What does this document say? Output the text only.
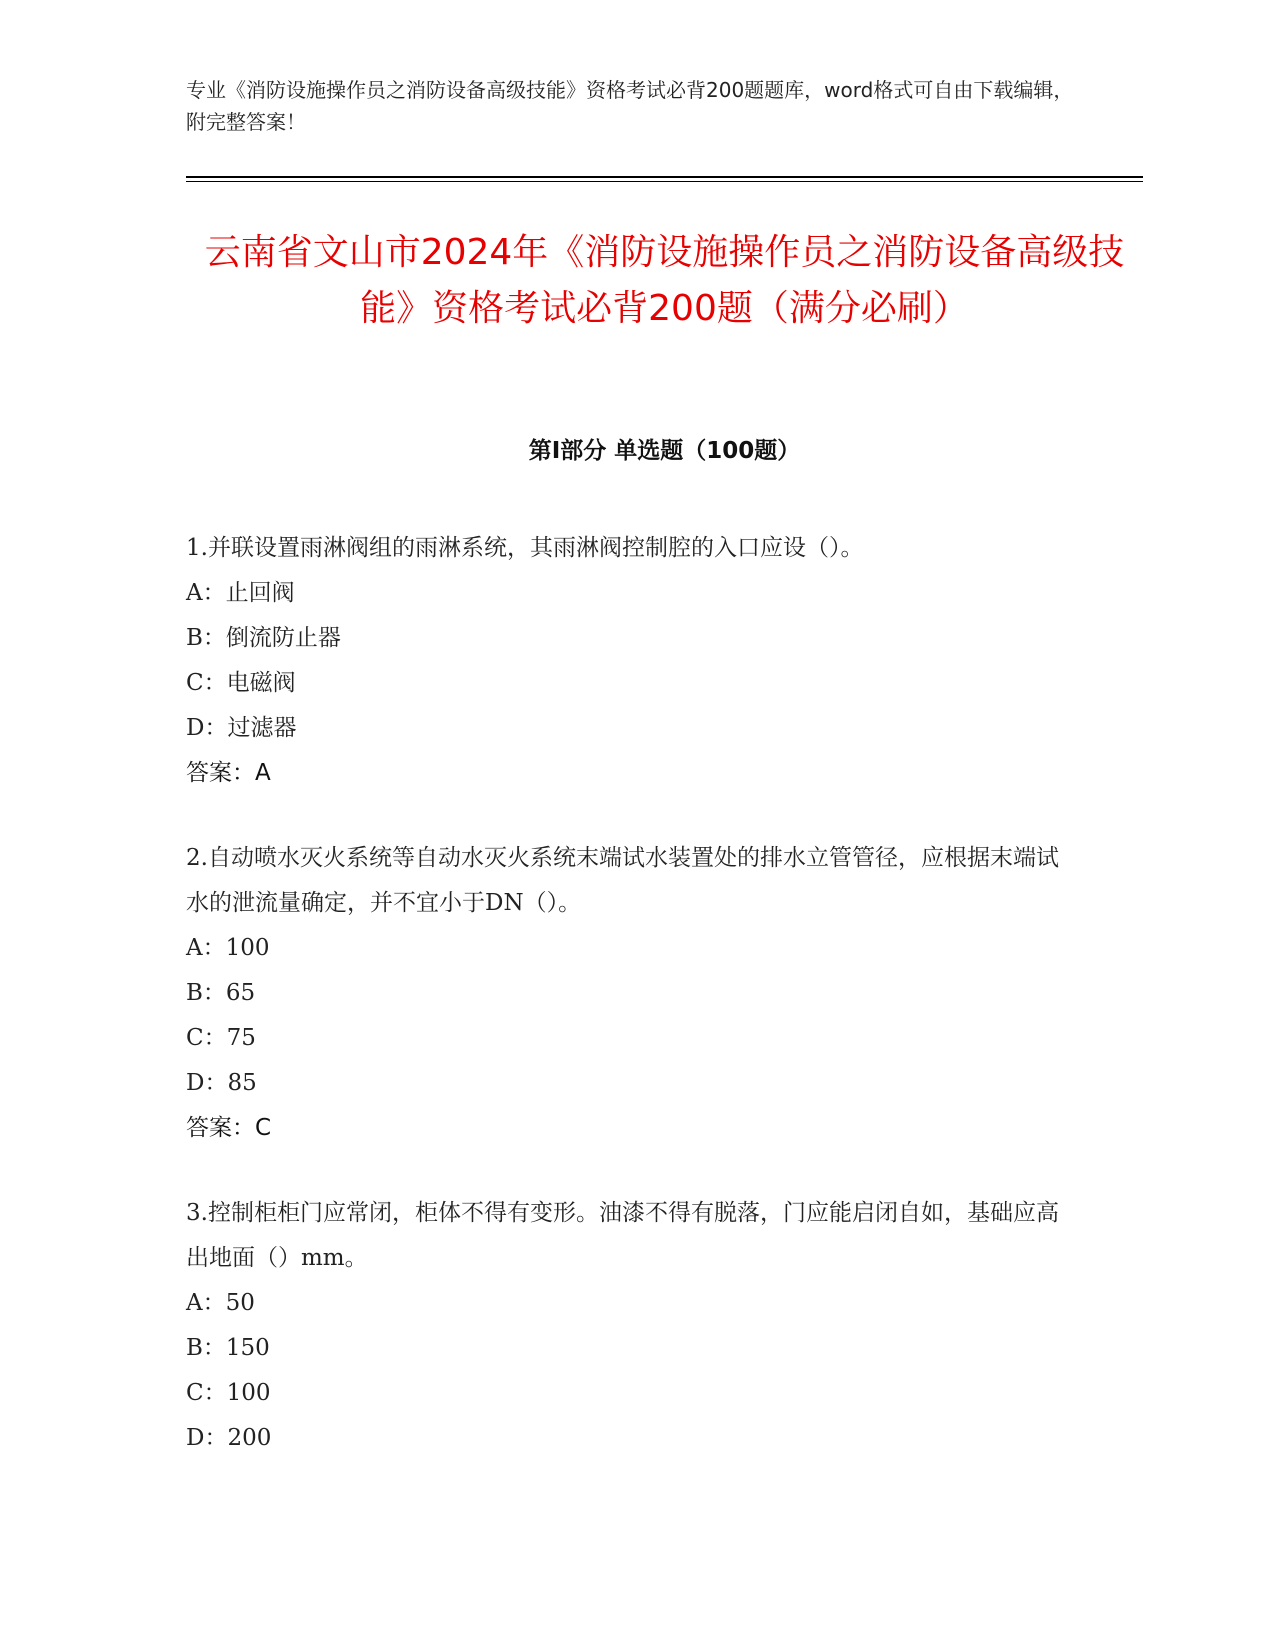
专业《消防设施操作员之消防设备高级技能》资格考试必背200题题库，word格式可自由下载编辑，附完整答案！

云南省文山市2024年《消防设施操作员之消防设备高级技能》资格考试必背200题（满分必刷）
第Ⅰ部分 单选题（100题）

1.并联设置雨淋阀组的雨淋系统，其雨淋阀控制腔的入口应设（）。

A：止回阀

B：倒流防止器

C：电磁阀

D：过滤器

答案：A

2.自动喷水灭火系统等自动水灭火系统末端试水装置处的排水立管管径，应根据末端试水的泄流量确定，并不宜小于DN（）。

A：100

B：65

C：75

D：85

答案：C

3.控制柜柜门应常闭，柜体不得有变形。油漆不得有脱落，门应能启闭自如，基础应高出地面（）mm。

A：50

B：150

C：100

D：200
